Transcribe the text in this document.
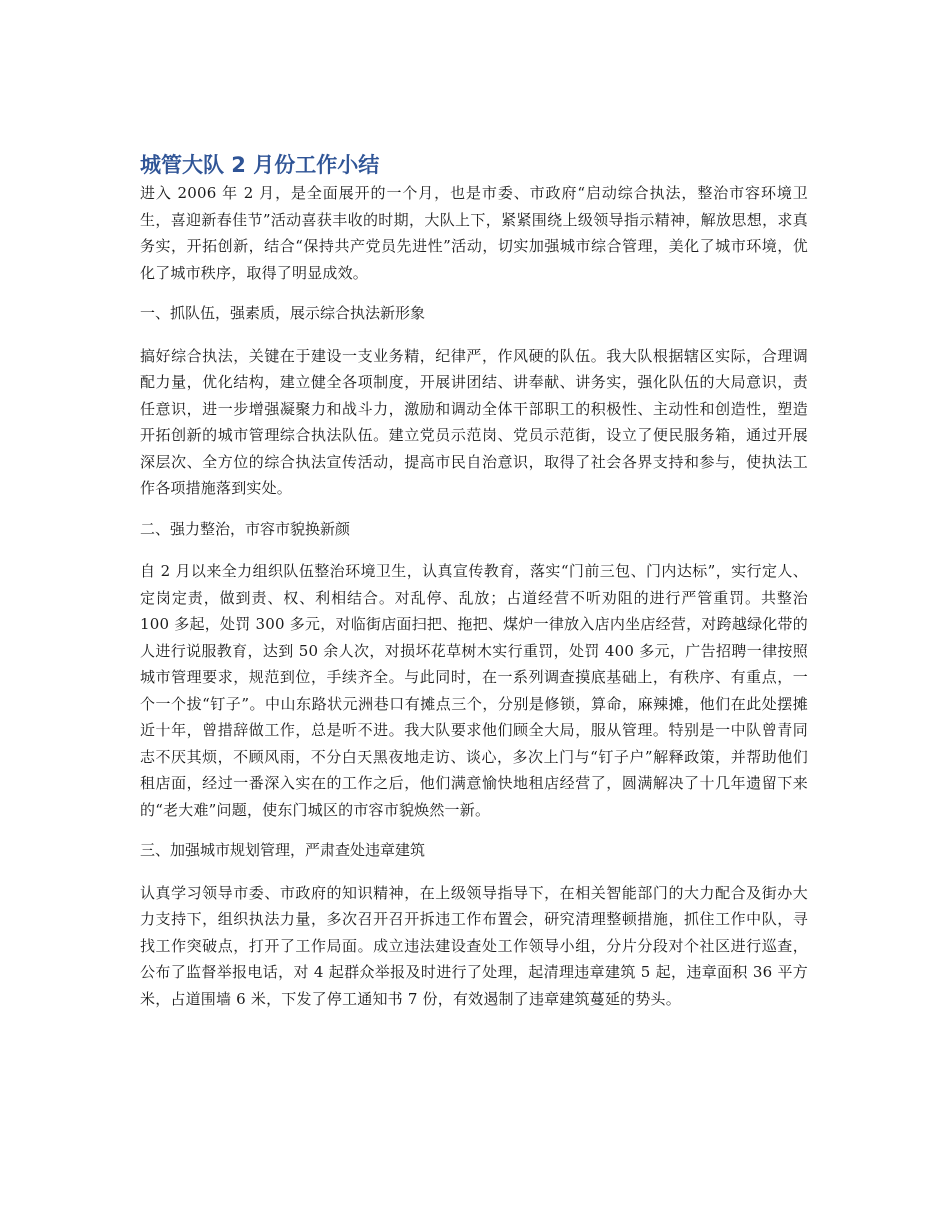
城管大队 2 月份工作小结

进入 2006 年 2 月，是全面展开的一个月，也是市委、市政府“启动综合执法，整治市容环境卫生，喜迎新春佳节”活动喜获丰收的时期，大队上下，紧紧围绕上级领导指示精神，解放思想，求真务实，开拓创新，结合“保持共产党员先进性”活动，切实加强城市综合管理，美化了城市环境，优化了城市秩序，取得了明显成效。

一、抓队伍，强素质，展示综合执法新形象

搞好综合执法，关键在于建设一支业务精，纪律严，作风硬的队伍。我大队根据辖区实际，合理调配力量，优化结构，建立健全各项制度，开展讲团结、讲奉献、讲务实，强化队伍的大局意识，责任意识，进一步增强凝聚力和战斗力，激励和调动全体干部职工的积极性、主动性和创造性，塑造开拓创新的城市管理综合执法队伍。建立党员示范岗、党员示范街，设立了便民服务箱，通过开展深层次、全方位的综合执法宣传活动，提高市民自治意识，取得了社会各界支持和参与，使执法工作各项措施落到实处。

二、强力整治，市容市貌换新颜

自 2 月以来全力组织队伍整治环境卫生，认真宣传教育，落实“门前三包、门内达标”，实行定人、定岗定责，做到责、权、利相结合。对乱停、乱放；占道经营不听劝阻的进行严管重罚。共整治 100 多起，处罚 300 多元，对临街店面扫把、拖把、煤炉一律放入店内坐店经营，对跨越绿化带的人进行说服教育，达到 50 余人次，对损坏花草树木实行重罚，处罚 400 多元，广告招聘一律按照城市管理要求，规范到位，手续齐全。与此同时，在一系列调查摸底基础上，有秩序、有重点，一个一个拔“钉子”。中山东路状元洲巷口有摊点三个，分别是修锁，算命，麻辣摊，他们在此处摆摊近十年，曾措辞做工作，总是听不进。我大队要求他们顾全大局，服从管理。特别是一中队曾青同志不厌其烦，不顾风雨，不分白天黑夜地走访、谈心，多次上门与“钉子户”解释政策，并帮助他们租店面，经过一番深入实在的工作之后，他们满意愉快地租店经营了，圆满解决了十几年遗留下来的“老大难”问题，使东门城区的市容市貌焕然一新。

三、加强城市规划管理，严肃查处违章建筑

认真学习领导市委、市政府的知识精神，在上级领导指导下，在相关智能部门的大力配合及街办大力支持下，组织执法力量，多次召开召开拆违工作布置会，研究清理整顿措施，抓住工作中队，寻找工作突破点，打开了工作局面。成立违法建设查处工作领导小组，分片分段对个社区进行巡查，公布了监督举报电话，对 4 起群众举报及时进行了处理，起清理违章建筑 5 起，违章面积 36 平方米，占道围墙 6 米，下发了停工通知书 7 份，有效遏制了违章建筑蔓延的势头。
